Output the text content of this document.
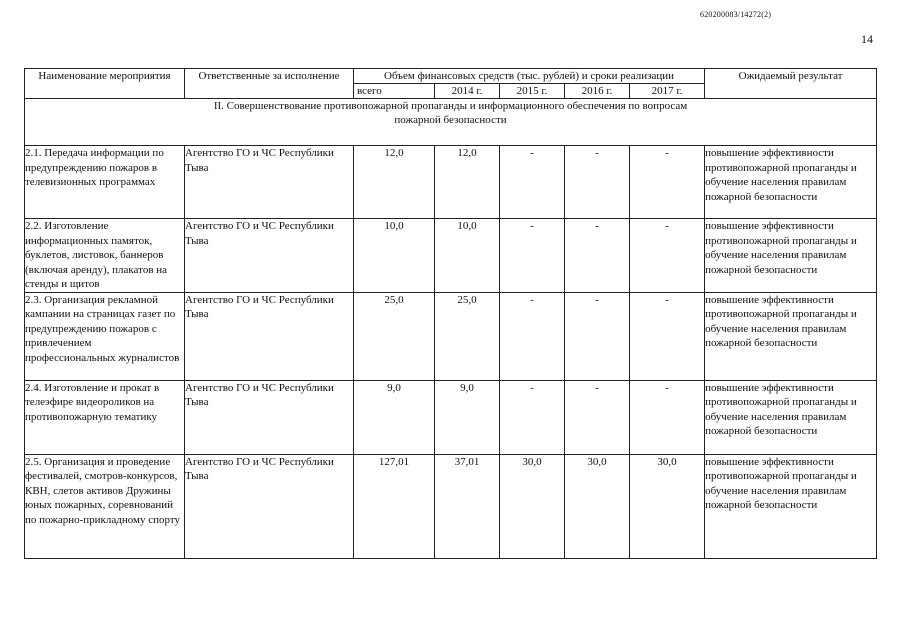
620200083/14272(2)
14
Наименование мероприятия	Ответственные за исполнение	Объем финансовых средств (тыс. рублей) и сроки реализации					Ожидаемый результат
		всего	2014 г.	2015 г.	2016 г.	2017 г.	

II. Совершенствование противопожарной пропаганды и информационного обеспечения по вопросам пожарной безопасности							

2.1. Передача информации по предупреждению пожаров в телевизионных программах	Агентство ГО и ЧС Республики Тыва	12,0	12,0	-	-	-	повышение эффективности противопожарной пропаганды и обучение населения правилам пожарной безопасности
2.2. Изготовление информационных памяток, буклетов, листовок, баннеров (включая аренду), плакатов на стенды и щитов	Агентство ГО и ЧС Республики Тыва	10,0	10,0	-	-	-	повышение эффективности противопожарной пропаганды и обучение населения правилам пожарной безопасности
2.3. Организация рекламной кампании на страницах газет по предупреждению пожаров с привлечением профессиональных журналистов	Агентство ГО и ЧС Республики Тыва	25,0	25,0	-	-	-	повышение эффективности противопожарной пропаганды и обучение населения правилам пожарной безопасности
2.4. Изготовление и прокат в телеэфире видеороликов на противопожарную тематику	Агентство ГО и ЧС Республики Тыва	9,0	9,0	-	-	-	повышение эффективности противопожарной пропаганды и обучение населения правилам пожарной безопасности
2.5. Организация и проведение фестивалей, смотров-конкурсов, КВН, слетов активов Дружины юных пожарных, соревнований по пожарно-прикладному спорту	Агентство ГО и ЧС Республики Тыва	127,01	37,01	30,0	30,0	30,0	повышение эффективности противопожарной пропаганды и обучение населения правилам пожарной безопасности
